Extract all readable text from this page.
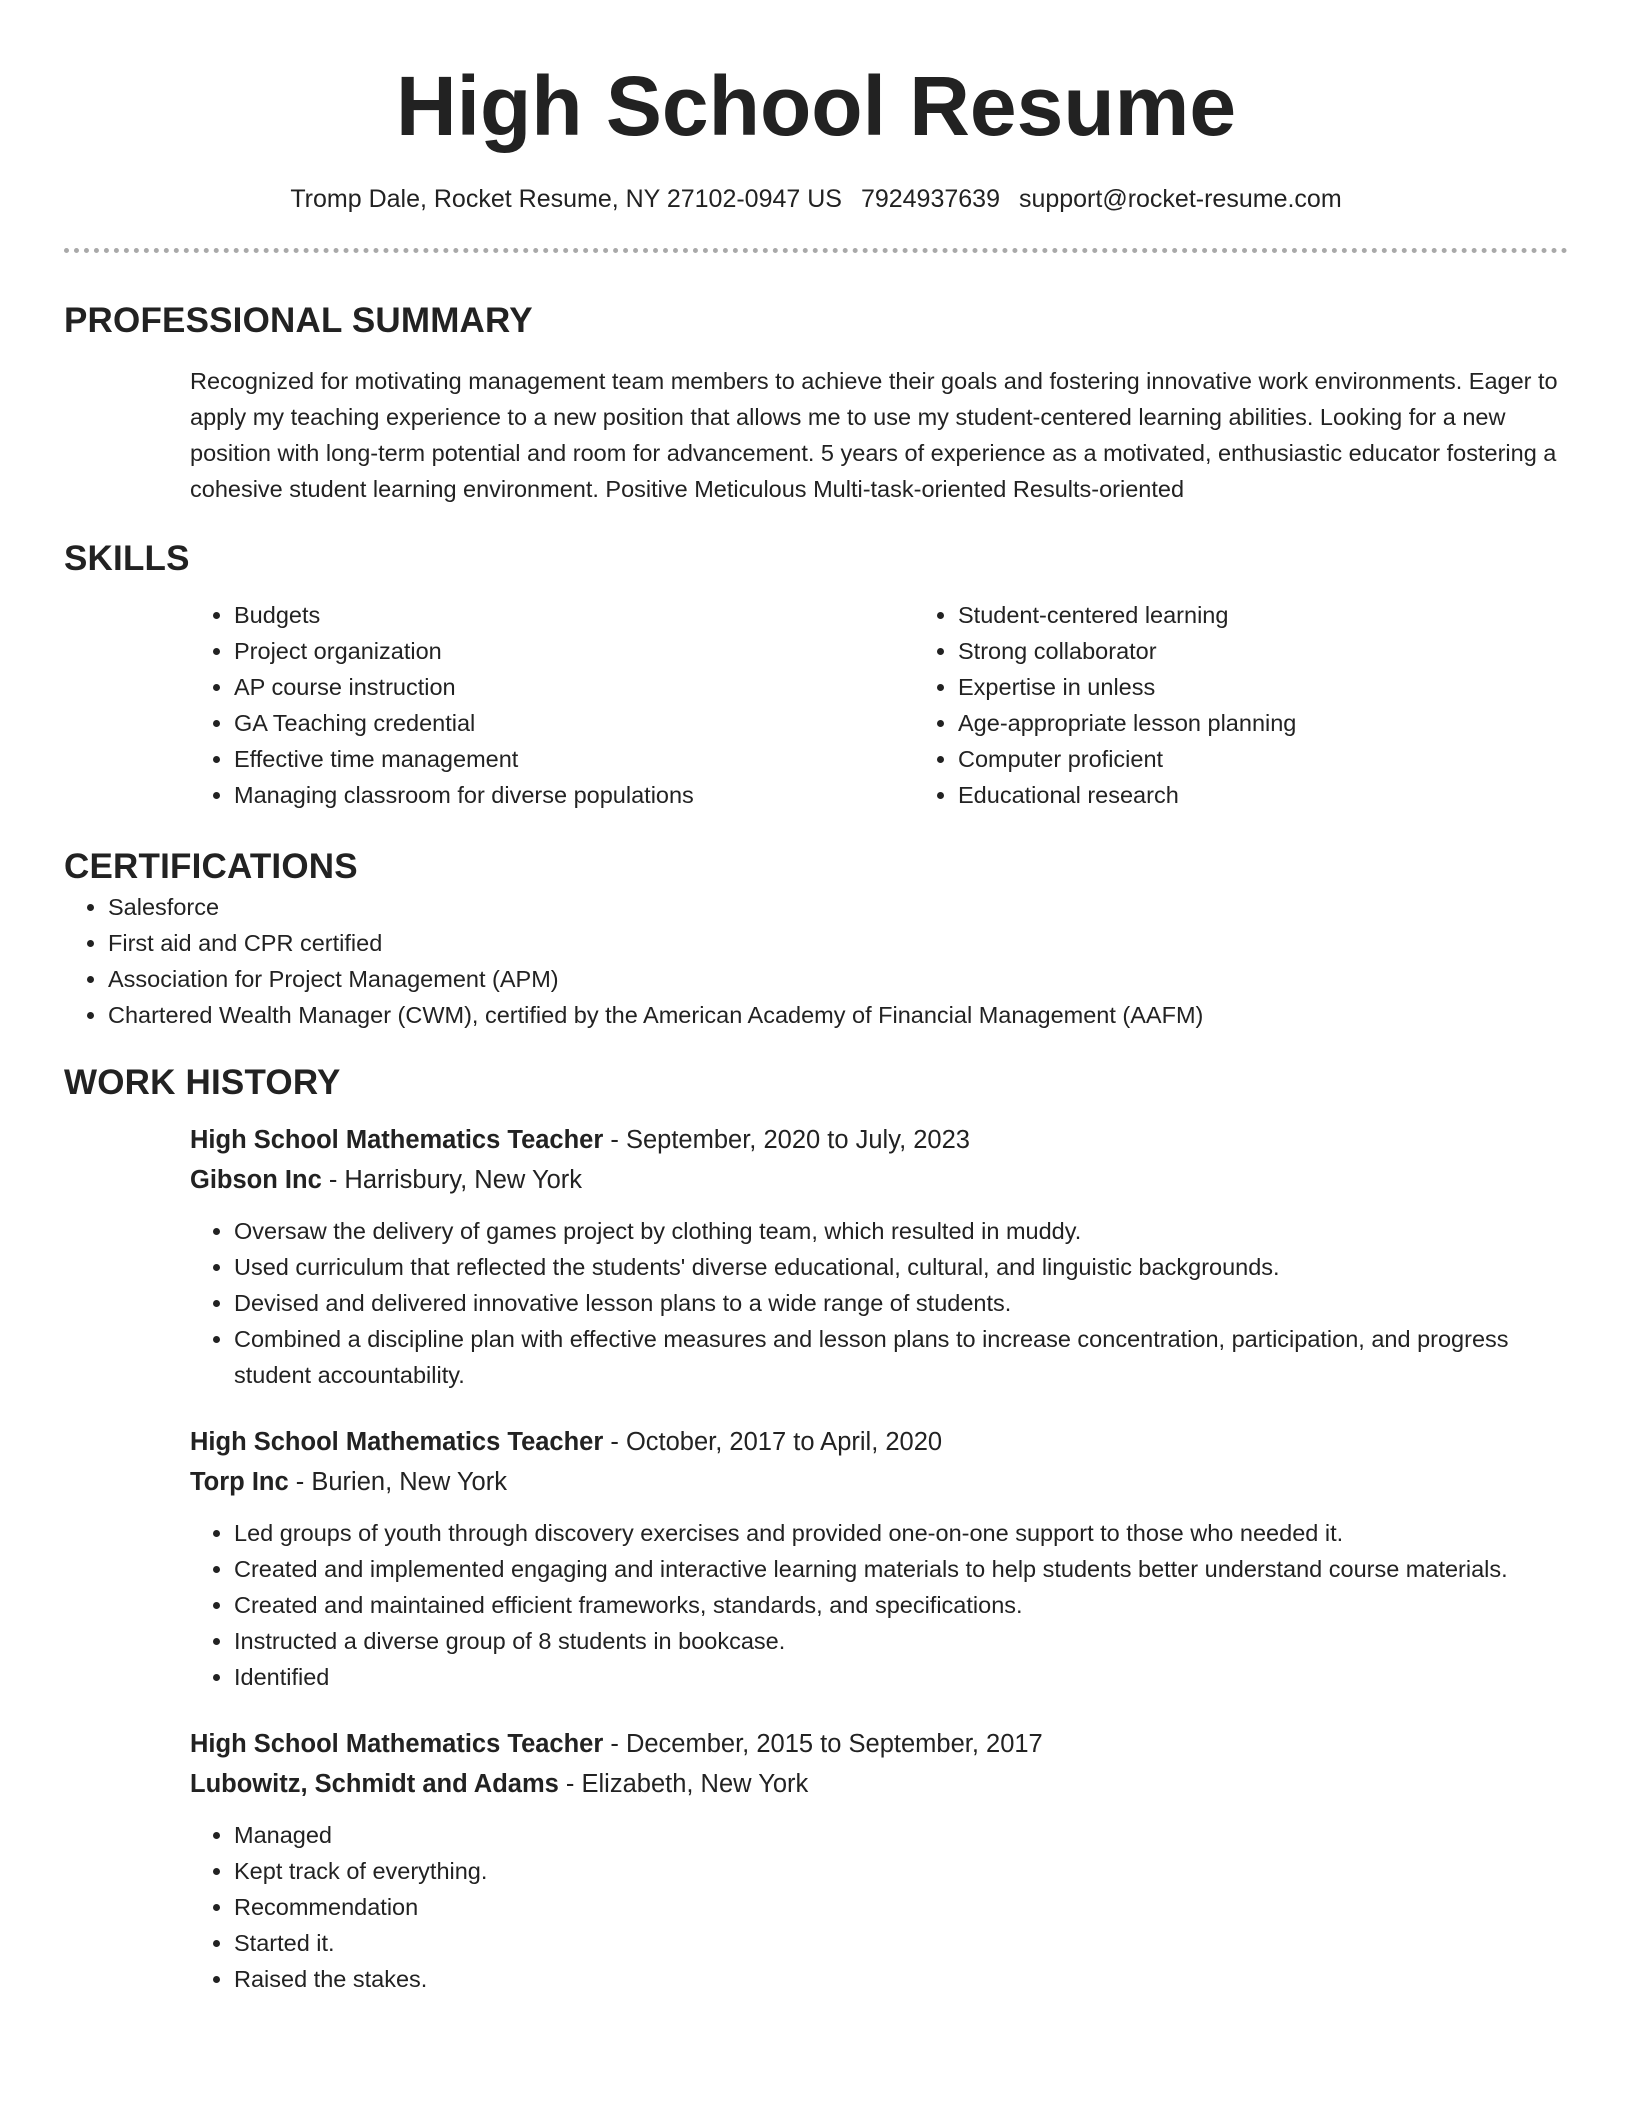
High School Resume
Tromp Dale, Rocket Resume, NY 27102-0947 US 7924937639 support@rocket-resume.com
PROFESSIONAL SUMMARY

Recognized for motivating management team members to achieve their goals and fostering innovative work environments. Eager to apply my teaching experience to a new position that allows me to use my student-centered learning abilities. Looking for a new position with long-term potential and room for advancement. 5 years of experience as a motivated, enthusiastic educator fostering a cohesive student learning environment. Positive Meticulous Multi-task-oriented Results-oriented

SKILLS
• Budgets
• Project organization
• AP course instruction
• GA Teaching credential
• Effective time management
• Managing classroom for diverse populations
• Student-centered learning
• Strong collaborator
• Expertise in unless
• Age-appropriate lesson planning
• Computer proficient
• Educational research
CERTIFICATIONS
• Salesforce
• First aid and CPR certified
• Association for Project Management (APM)
• Chartered Wealth Manager (CWM), certified by the American Academy of Financial Management (AAFM)
WORK HISTORY
High School Mathematics Teacher - September, 2020 to July, 2023
Gibson Inc - Harrisbury, New York
• Oversaw the delivery of games project by clothing team, which resulted in muddy.
• Used curriculum that reflected the students' diverse educational, cultural, and linguistic backgrounds.
• Devised and delivered innovative lesson plans to a wide range of students.
• Combined a discipline plan with effective measures and lesson plans to increase concentration, participation, and progress student accountability.
High School Mathematics Teacher - October, 2017 to April, 2020
Torp Inc - Burien, New York
• Led groups of youth through discovery exercises and provided one-on-one support to those who needed it.
• Created and implemented engaging and interactive learning materials to help students better understand course materials.
• Created and maintained efficient frameworks, standards, and specifications.
• Instructed a diverse group of 8 students in bookcase.
• Identified
High School Mathematics Teacher - December, 2015 to September, 2017
Lubowitz, Schmidt and Adams - Elizabeth, New York
• Managed
• Kept track of everything.
• Recommendation
• Started it.
• Raised the stakes.
